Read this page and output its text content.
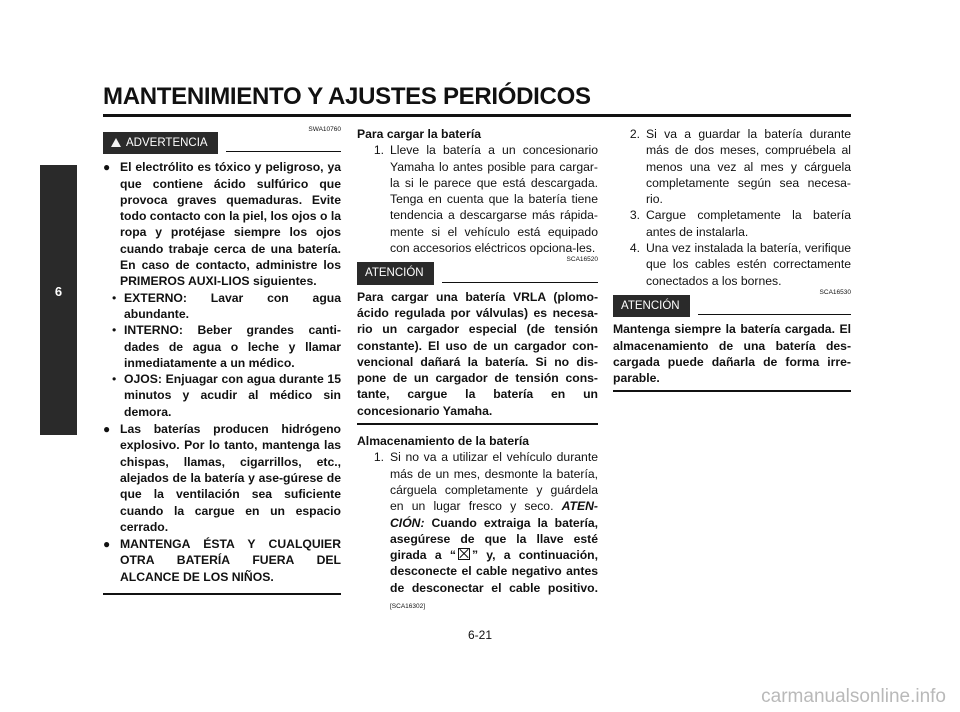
MANTENIMIENTO Y AJUSTES PERIÓDICOS
6
SWA10760
ADVERTENCIA
● El electrólito es tóxico y peligroso, ya que contiene ácido sulfúrico que provoca graves quemaduras. Evite todo contacto con la piel, los ojos o la ropa y protéjase siempre los ojos cuando trabaje cerca de una batería. En caso de contacto, administre los PRIMEROS AUXI-LIOS siguientes.
• EXTERNO: Lavar con agua abundante.
• INTERNO: Beber grandes canti-dades de agua o leche y llamar inmediatamente a un médico.
• OJOS: Enjuagar con agua durante 15 minutos y acudir al médico sin demora.
● Las baterías producen hidrógeno explosivo. Por lo tanto, mantenga las chispas, llamas, cigarrillos, etc., alejados de la batería y ase-gúrese de que la ventilación sea suficiente cuando la cargue en un espacio cerrado.
● MANTENGA ÉSTA Y CUALQUIER OTRA BATERÍA FUERA DEL ALCANCE DE LOS NIÑOS.
Para cargar la batería
1. Lleve la batería a un concesionario Yamaha lo antes posible para cargar-la si le parece que está descargada. Tenga en cuenta que la batería tiene tendencia a descargarse más rápida-mente si el vehículo está equipado con accesorios eléctricos opciona-les.
SCA16520
ATENCIÓN
Para cargar una batería VRLA (plomo-ácido regulada por válvulas) es necesa-rio un cargador especial (de tensión constante). El uso de un cargador con-vencional dañará la batería. Si no dis-pone de un cargador de tensión cons-tante, cargue la batería en un concesionario Yamaha.
Almacenamiento de la batería
1. Si no va a utilizar el vehículo durante más de un mes, desmonte la batería, cárguela completamente y guárdela en un lugar fresco y seco. ATEN-CIÓN: Cuando extraiga la batería, asegúrese de que la llave esté girada a “ ” y, a continuación, desconecte el cable negativo antes de desconectar el cable positivo. [SCA16302]
2. Si va a guardar la batería durante más de dos meses, compruébela al menos una vez al mes y cárguela completamente según sea necesa-rio.
3. Cargue completamente la batería antes de instalarla.
4. Una vez instalada la batería, verifique que los cables estén correctamente conectados a los bornes.
SCA16530
ATENCIÓN
Mantenga siempre la batería cargada. El almacenamiento de una batería des-cargada puede dañarla de forma irre-parable.
6-21
carmanualsonline.info
